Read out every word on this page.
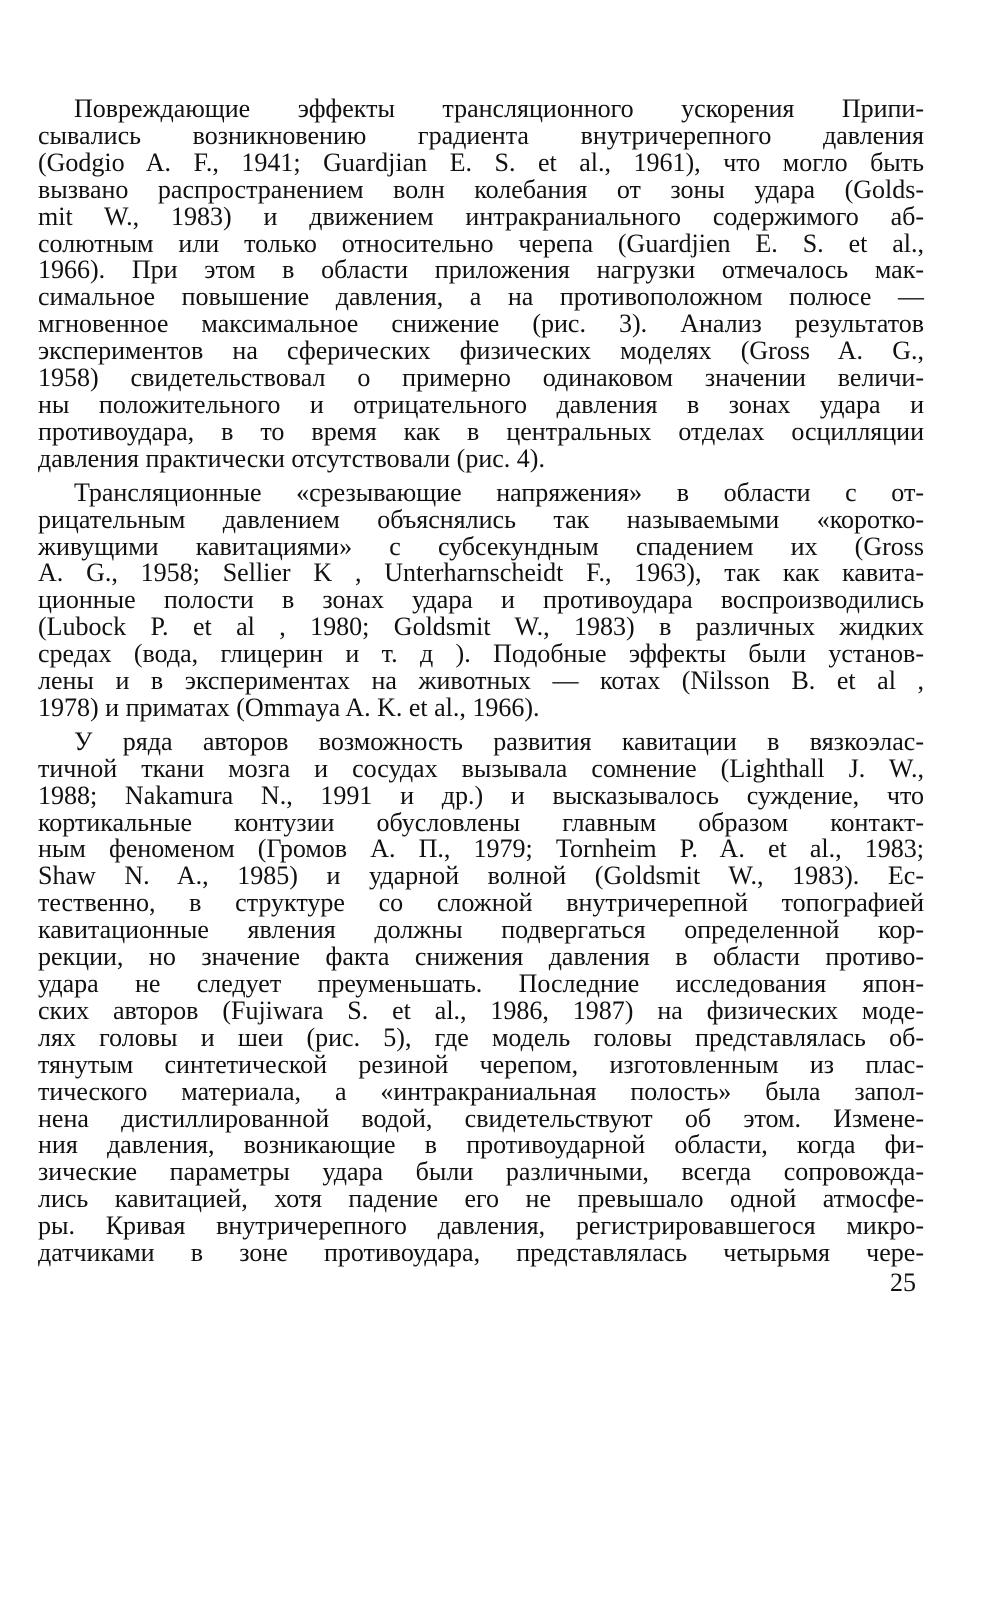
Повреждающие эффекты трансляционного ускорения Припи-
сывались возникновению градиента внутричерепного давления
(Godgio A. F., 1941; Guardjian E. S. et al., 1961), что могло быть
вызвано распространением волн колебания от зоны удара (Golds-
mit W., 1983) и движением интракраниального содержимого аб-
солютным или только относительно черепа (Guardjien E. S. et al.,
1966). При этом в области приложения нагрузки отмечалось мак-
симальное повышение давления, а на противоположном полюсе —
мгновенное максимальное снижение (рис. 3). Анализ результатов
экспериментов на сферических физических моделях (Gross A. G.,
1958) свидетельствовал о примерно одинаковом значении величи-
ны положительного и отрицательного давления в зонах удара и
противоудара, в то время как в центральных отделах осцилляции
давления практически отсутствовали (рис. 4).
Трансляционные «срезывающие напряжения» в области с от-
рицательным давлением объяснялись так называемыми «коротко-
живущими кавитациями» с субсекундным спадением их (Gross
A. G., 1958; Sellier K , Unterharnscheidt F., 1963), так как кавита-
ционные полости в зонах удара и противоудара воспроизводились
(Lubock P. et al , 1980; Goldsmit W., 1983) в различных жидких
средах (вода, глицерин и т. д ). Подобные эффекты были установ-
лены и в экспериментах на животных — котах (Nilsson B. et al ,
1978) и приматах (Ommaya A. K. et al., 1966).
У ряда авторов возможность развития кавитации в вязкоэлас-
тичной ткани мозга и сосудах вызывала сомнение (Lighthall J. W.,
1988; Nakamura N., 1991 и др.) и высказывалось суждение, что
кортикальные контузии обусловлены главным образом контакт-
ным феноменом (Громов А. П., 1979; Tornheim P. A. et al., 1983;
Shaw N. A., 1985) и ударной волной (Goldsmit W., 1983). Ес-
тественно, в структуре со сложной внутричерепной топографией
кавитационные явления должны подвергаться определенной кор-
рекции, но значение факта снижения давления в области противо-
удара не следует преуменьшать. Последние исследования япон-
ских авторов (Fujiwara S. et al., 1986, 1987) на физических моде-
лях головы и шеи (рис. 5), где модель головы представлялась об-
тянутым синтетической резиной черепом, изготовленным из плас-
тического материала, а «интракраниальная полость» была запол-
нена дистиллированной водой, свидетельствуют об этом. Измене-
ния давления, возникающие в противоударной области, когда фи-
зические параметры удара были различными, всегда сопровожда-
лись кавитацией, хотя падение его не превышало одной атмосфе-
ры. Кривая внутричерепного давления, регистрировавшегося микро-
датчиками в зоне противоудара, представлялась четырьмя чере-
25
